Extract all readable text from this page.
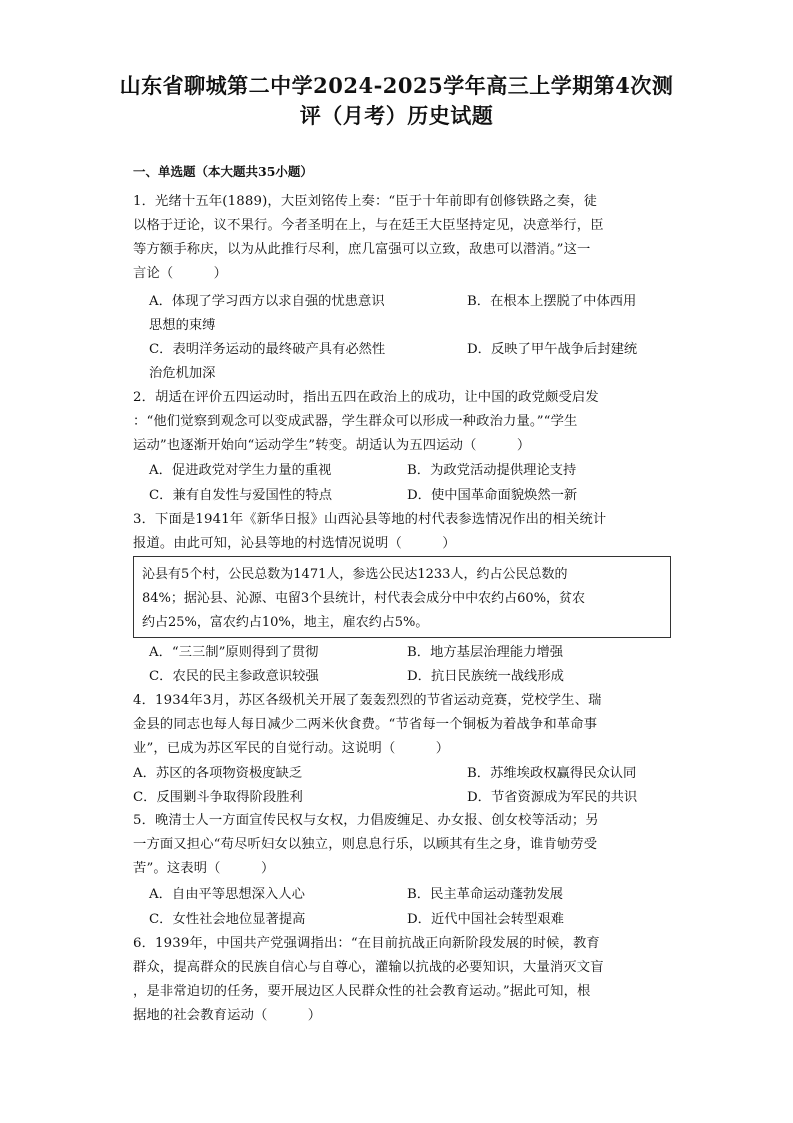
山东省聊城第二中学2024-2025学年高三上学期第4次测
评（月考）历史试题
一、单选题（本大题共35小题）
1．光绪十五年(1889)，大臣刘铭传上奏：“臣于十年前即有创修铁路之奏，徒
以格于迂论，议不果行。今者圣明在上，与在廷王大臣坚持定见，决意举行，臣
等方额手称庆，以为从此推行尽利，庶几富强可以立致，敌患可以潜消。”这一
言论（　　　）
A．体现了学习西方以求自强的忧患意识	B．在根本上摆脱了中体西用
思想的束缚
C．表明洋务运动的最终破产具有必然性	D．反映了甲午战争后封建统
治危机加深
2．胡适在评价五四运动时，指出五四在政治上的成功，让中国的政党颇受启发
：“他们觉察到观念可以变成武器，学生群众可以形成一种政治力量。”“学生
运动”也逐渐开始向“运动学生”转变。胡适认为五四运动（　　　）
A．促进政党对学生力量的重视	B．为政党活动提供理论支持
C．兼有自发性与爱国性的特点	D．使中国革命面貌焕然一新
3．下面是1941年《新华日报》山西沁县等地的村代表参选情况作出的相关统计
报道。由此可知，沁县等地的村选情况说明（　　　）
沁县有5个村，公民总数为1471人，参选公民达1233人，约占公民总数的
84%；据沁县、沁源、屯留3个县统计，村代表会成分中中农约占60%，贫农
约占25%，富农约占10%，地主，雇农约占5%。
A．“三三制”原则得到了贯彻	B．地方基层治理能力增强
C．农民的民主参政意识较强	D．抗日民族统一战线形成
4．1934年3月，苏区各级机关开展了轰轰烈烈的节省运动竞赛，党校学生、瑞
金县的同志也每人每日减少二两米伙食费。“节省每一个铜板为着战争和革命事
业”，已成为苏区军民的自觉行动。这说明（　　　）
A．苏区的各项物资极度缺乏	B．苏维埃政权赢得民众认同
C．反围剿斗争取得阶段胜利	D．节省资源成为军民的共识
5．晚清士人一方面宣传民权与女权，力倡废缠足、办女报、创女校等活动；另
一方面又担心“苟尽听妇女以独立，则息息行乐，以顾其有生之身，谁肯劬劳受
苦”。这表明（　　　）
A．自由平等思想深入人心	B．民主革命运动蓬勃发展
C．女性社会地位显著提高	D．近代中国社会转型艰难
6．1939年，中国共产党强调指出：“在目前抗战正向新阶段发展的时候，教育
群众，提高群众的民族自信心与自尊心，灌输以抗战的必要知识，大量消灭文盲
，是非常迫切的任务，要开展边区人民群众性的社会教育运动。”据此可知，根
据地的社会教育运动（　　　）
